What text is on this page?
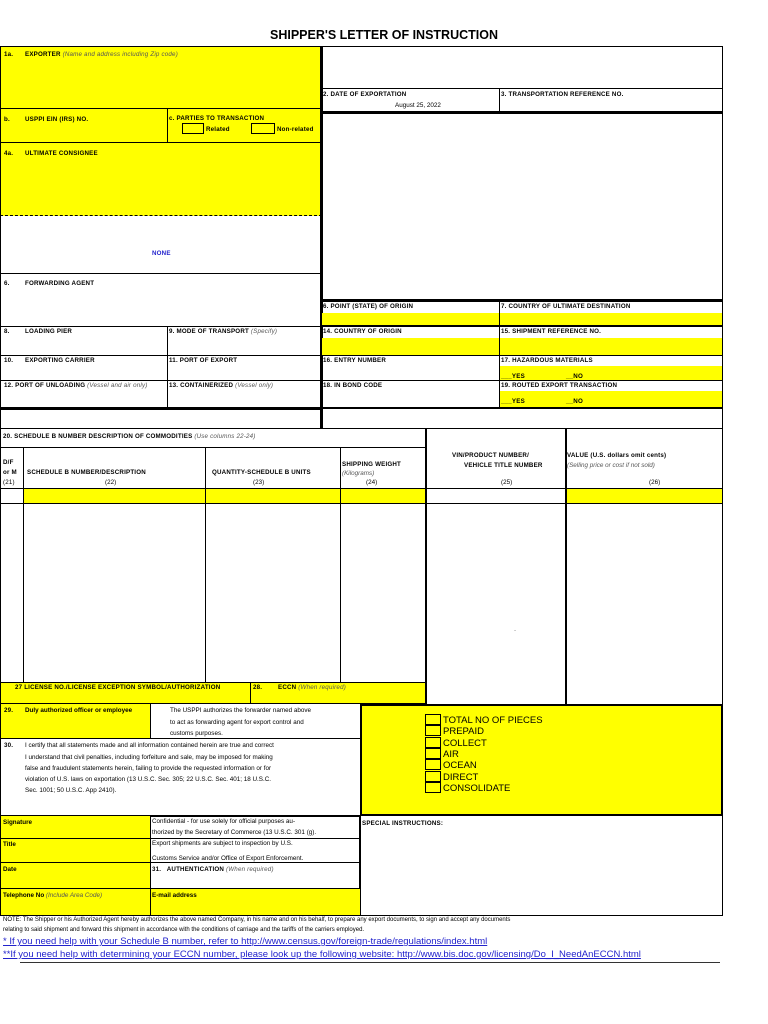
SHIPPER'S LETTER OF INSTRUCTION
1a. EXPORTER (Name and address including Zip code)
2. DATE OF EXPORTATION
August 25, 2022
3. TRANSPORTATION REFERENCE NO.
b. USPPI EIN (IRS) NO.	c. PARTIES TO TRANSACTION
Related	Non-related
4a. ULTIMATE CONSIGNEE
NONE
6. FORWARDING AGENT
6. POINT (STATE) OF ORIGIN	7. COUNTRY OF ULTIMATE DESTINATION
8. LOADING PIER	9. MODE OF TRANSPORT (Specify)	14. COUNTRY OF ORIGIN	15. SHIPMENT REFERENCE NO.
10. EXPORTING CARRIER	11. PORT OF EXPORT	16. ENTRY NUMBER	17. HAZARDOUS MATERIALS
___YES	__NO
12. PORT OF UNLOADING (Vessel and air only)	13. CONTAINERIZED (Vessel only)	18. IN BOND CODE	19. ROUTED EXPORT TRANSACTION
___YES	__NO
20. SCHEDULE B NUMBER DESCRIPTION OF COMMODITIES (Use columns 22-24)
D/F
or M
(21)
SCHEDULE B NUMBER/DESCRIPTION
(22)
QUANTITY-SCHEDULE B UNITS
(23)
SHIPPING WEIGHT
(Kilograms)
(24)
VIN/PRODUCT NUMBER/
VEHICLE TITLE NUMBER
(25)
VALUE (U.S. dollars omit cents)
(Selling price or cost if not sold)
(26)
-
27 LICENSE NO./LICENSE EXCEPTION SYMBOL/AUTHORIZATION	28.	ECCN (When required)
TOTAL NO OF PIECES
PREPAID
COLLECT
AIR
OCEAN
DIRECT
CONSOLIDATE
29. Duly authorized officer or employee	The USPPI authorizes the forwarder named above
to act as forwarding agent for export control and
customs purposes.
30. I certify that all statements made and all information contained herein are true and correct
I understand that civil penalties, including forfeiture and sale, may be imposed for making
false and fraudulent statements herein, failing to provide the requested information or for
violation of U.S. laws on exportation (13 U.S.C. Sec. 305; 22 U.S.C. Sec. 401; 18 U.S.C.
Sec. 1001; 50 U.S.C. App 2410).
SPECIAL INSTRUCTIONS:
Signature	Confidential - for use solely for official purposes au-
thorized by the Secretary of Commerce (13 U.S.C. 301 (g).
Title	Export shipments are subject to inspection by U.S.
Customs Service and/or Office of Export Enforcement.
Date	31. AUTHENTICATION (When required)
Telephone No (Include Area Code)	E-mail address
NOTE: The Shipper or his Authorized Agent hereby authorizes the above named Company, in his name and on his behalf, to prepare any export documents, to sign and accept any documents
relating to said shipment and forward this shipment in accordance with the conditions of carriage and the tariffs of the carriers employed.
* If you need help with your Schedule B number, refer to http://www.census.gov/foreign-trade/regulations/index.html
**If you need help with determining your ECCN number, please look up the following website: http://www.bis.doc.gov/licensing/Do_I_NeedAnECCN.html
